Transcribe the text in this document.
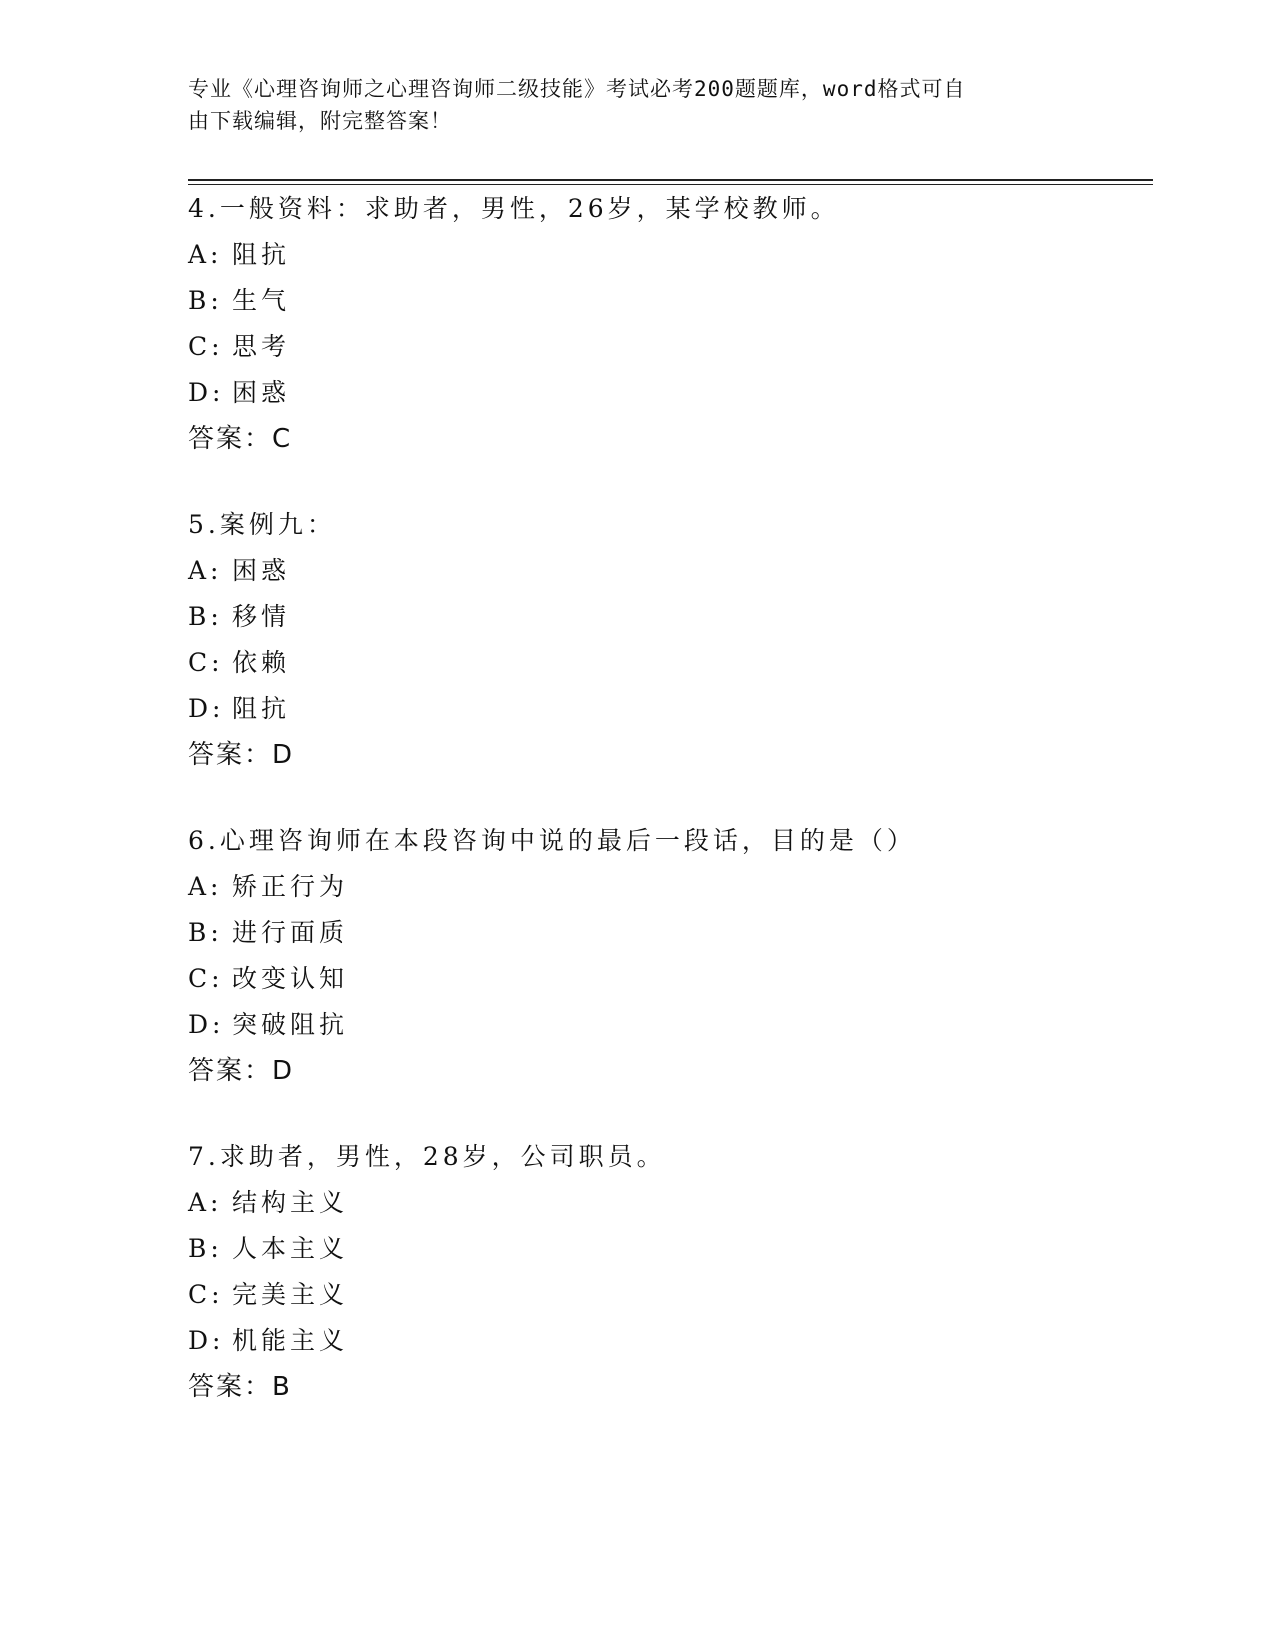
专业《心理咨询师之心理咨询师二级技能》考试必考200题题库，word格式可自
由下载编辑，附完整答案！
4.一般资料：求助者，男性，26岁，某学校教师。
A: 阻抗
B: 生气
C: 思考
D: 困惑
答案：C
5.案例九：
A: 困惑
B: 移情
C: 依赖
D: 阻抗
答案：D
6.心理咨询师在本段咨询中说的最后一段话，目的是（）
A: 矫正行为
B: 进行面质
C: 改变认知
D: 突破阻抗
答案：D
7.求助者，男性，28岁，公司职员。
A: 结构主义
B: 人本主义
C: 完美主义
D: 机能主义
答案：B
